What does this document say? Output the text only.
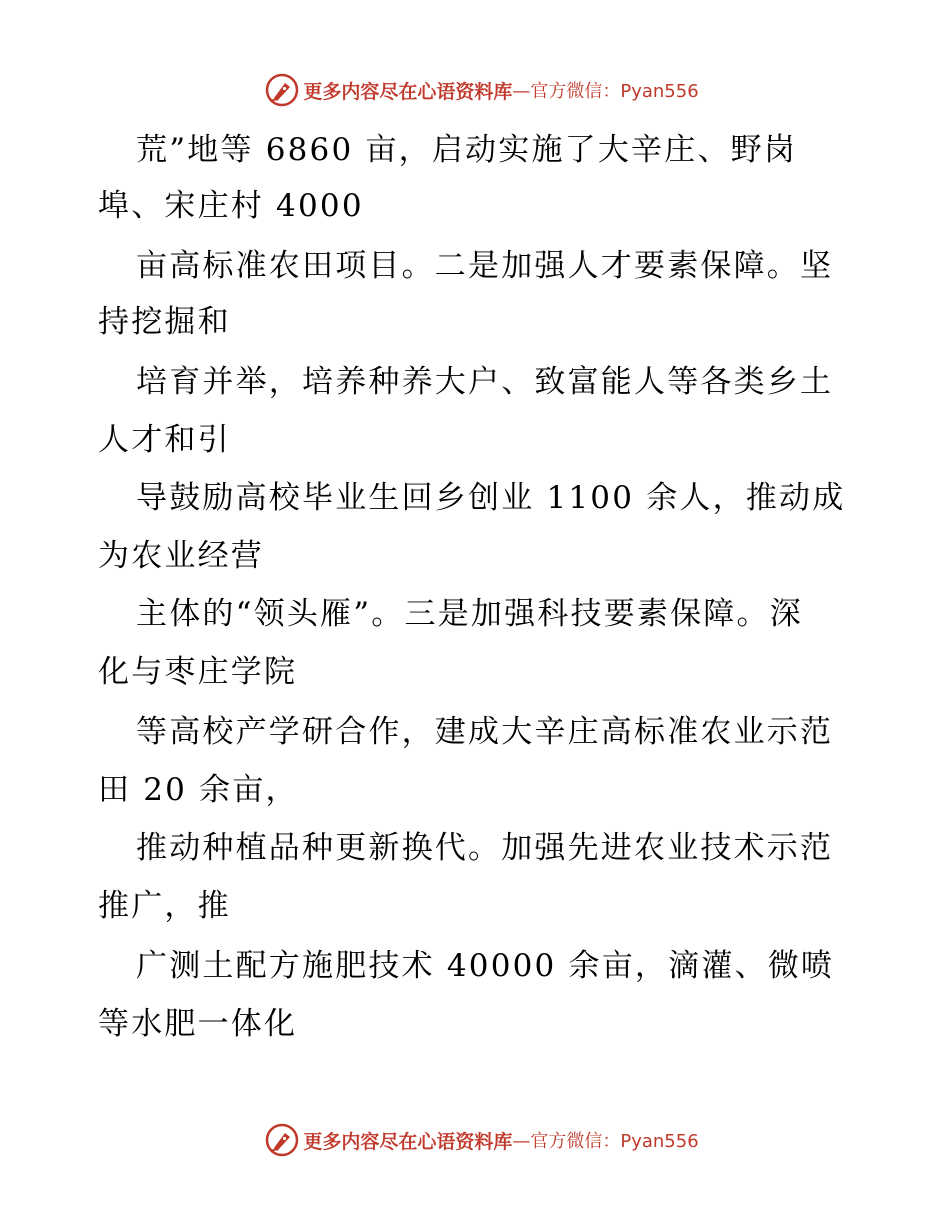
更多内容尽在心语资料库 —官方微信：Pyan556
荒”地等 6860 亩，启动实施了大辛庄、野岗
埠、宋庄村 4000
亩高标准农田项目。二是加强人才要素保障。坚
持挖掘和
培育并举，培养种养大户、致富能人等各类乡土
人才和引
导鼓励高校毕业生回乡创业 1100 余人，推动成
为农业经营
主体的“领头雁”。三是加强科技要素保障。深
化与枣庄学院
等高校产学研合作，建成大辛庄高标准农业示范
田 20 余亩，
推动种植品种更新换代。加强先进农业技术示范
推广，推
广测土配方施肥技术 40000 余亩，滴灌、微喷
等水肥一体化
更多内容尽在心语资料库 —官方微信：Pyan556
